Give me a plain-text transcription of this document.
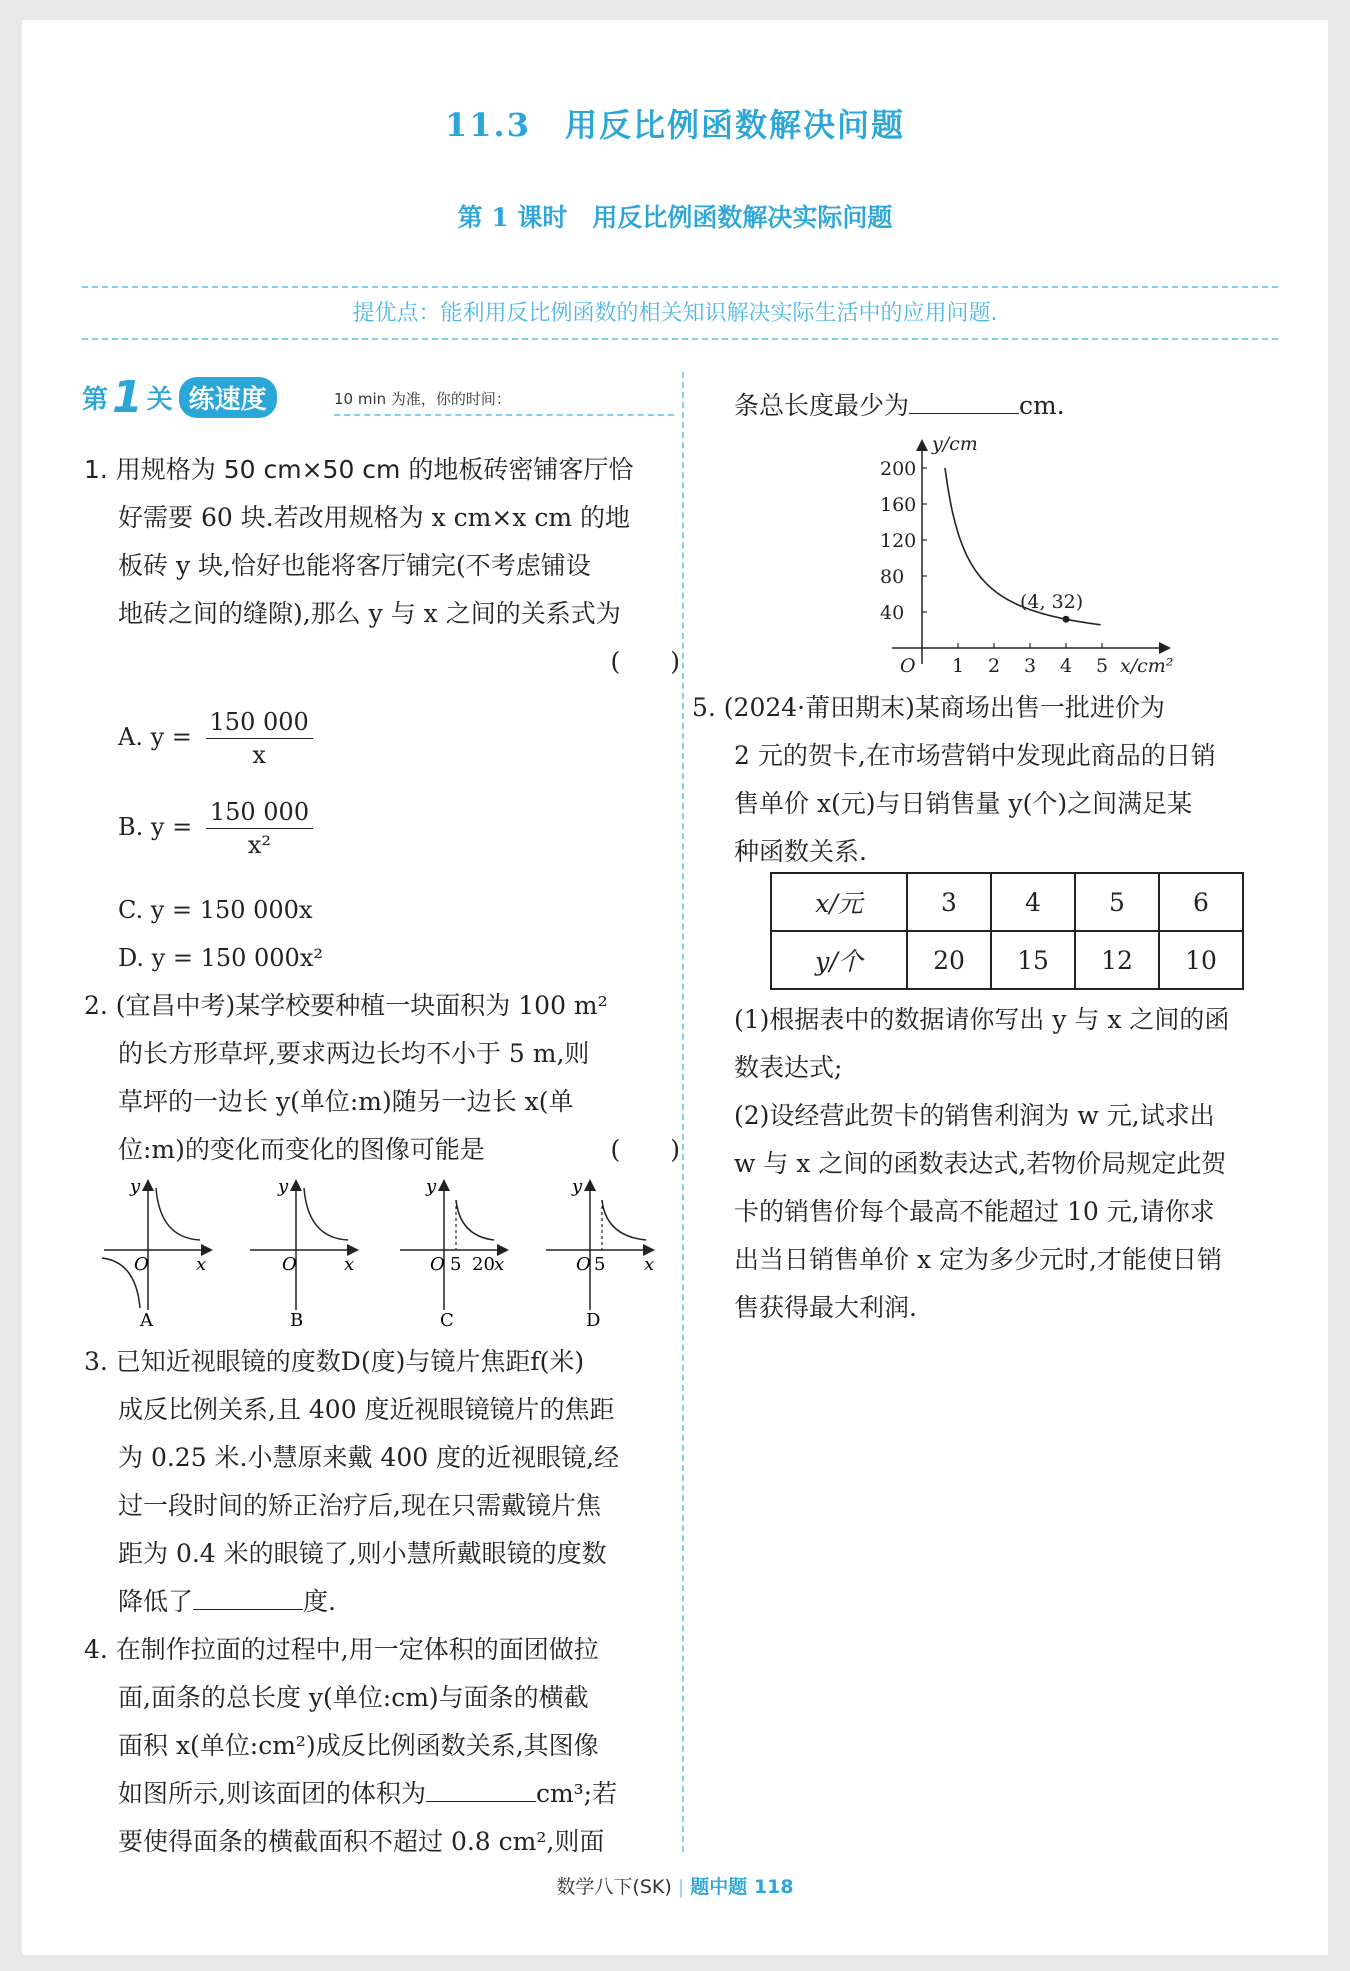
11.3　用反比例函数解决问题
第 1 课时　用反比例函数解决实际问题
提优点：能利用反比例函数的相关知识解决实际生活中的应用问题.
第 1 关 练速度	10 min 为准，你的时间：
1. 用规格为 50 cm×50 cm 的地板砖密铺客厅恰
好需要 60 块.若改用规格为 x cm×x cm 的地
板砖 y 块,恰好也能将客厅铺完(不考虑铺设
地砖之间的缝隙),那么 y 与 x 之间的关系式为
(　　)
A. $y = \frac{150 000}{x}$
B. $y = \frac{150 000}{\text{x²}}$
C. y = 150 000x
D. y = 150 000x²
2. (宜昌中考)某学校要种植一块面积为 100 m²
的长方形草坪,要求两边长均不小于 5 m,则
草坪的一边长 y(单位:m)随另一边长 x(单
位:m)的变化而变化的图像可能是	(　　)
y
x
O
A
y
x
O
B
y
x
O 5 20
C
y
x
O 5
D
3. 已知近视眼镜的度数D(度)与镜片焦距f(米)
成反比例关系,且 400 度近视眼镜镜片的焦距
为 0.25 米.小慧原来戴 400 度的近视眼镜,经
过一段时间的矫正治疗后,现在只需戴镜片焦
距为 0.4 米的眼镜了,则小慧所戴眼镜的度数
降低了	度.
4. 在制作拉面的过程中,用一定体积的面团做拉
面,面条的总长度 y(单位:cm)与面条的横截
面积 x(单位:cm²)成反比例函数关系,其图像
如图所示,则该面团的体积为	cm³;若
要使得面条的横截面积不超过 0.8 cm²,则面
条总长度最少为	cm.
1 2 3 4 5
200
160
120
80
40
y/cm
x/cm²
O
(4, 32)
5. (2024·莆田期末)某商场出售一批进价为
2 元的贺卡,在市场营销中发现此商品的日销
售单价 x(元)与日销售量 y(个)之间满足某
种函数关系.
x/元	3	4	5	6
y/个	20	15	12	10
(1)根据表中的数据请你写出 y 与 x 之间的函
数表达式;
(2)设经营此贺卡的销售利润为 w 元,试求出
w 与 x 之间的函数表达式,若物价局规定此贺
卡的销售价每个最高不能超过 10 元,请你求
出当日销售单价 x 定为多少元时,才能使日销
售获得最大利润.
数学八下(SK) | 题中题 118
